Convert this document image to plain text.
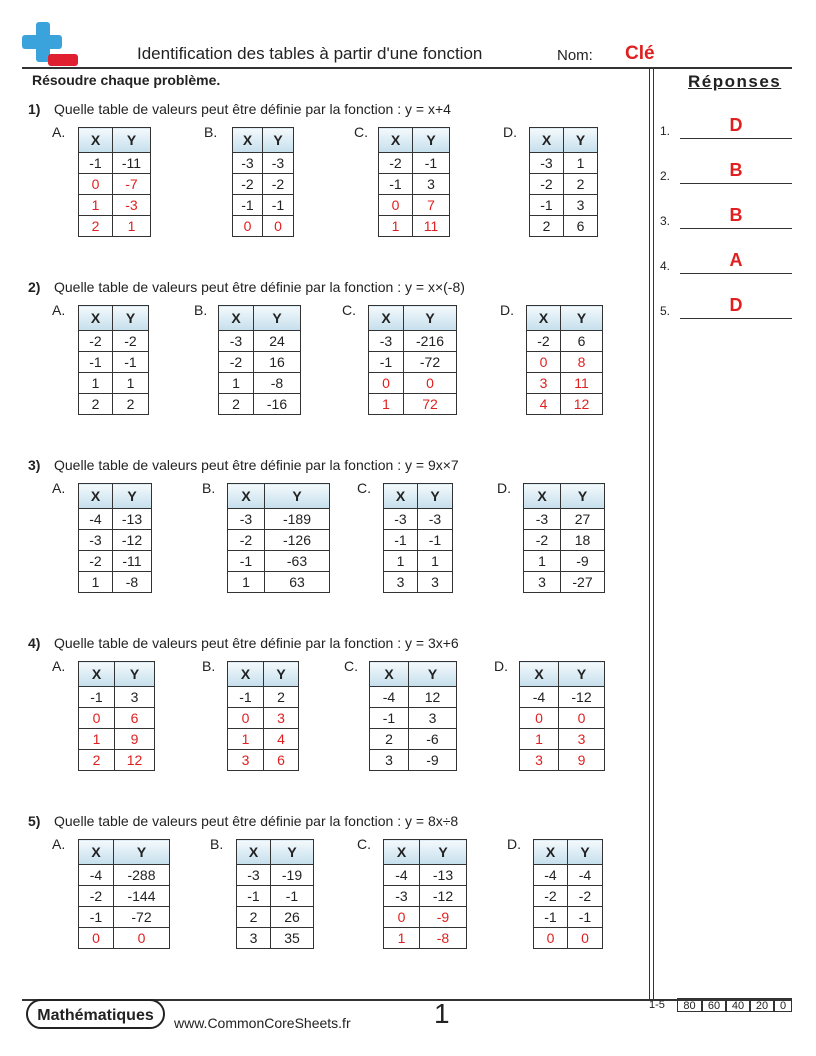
Identification des tables à partir d'une fonction	Nom: Clé
Résoudre chaque problème.	Réponses
1.	D
2.	B
3.	B
4.	A
5.	D
1) Quelle table de valeurs peut être définie par la fonction : y = x+4
A. X	Y
-1	-11
0	-7
1	-3
2	1
B. X	Y
-3	-3
-2	-2
-1	-1
0	0
C. X	Y
-2	-1
-1	3
0	7
1	11
D. X	Y
-3	1
-2	2
-1	3
2	6
2) Quelle table de valeurs peut être définie par la fonction : y = x×(-8)
A. X	Y
-2	-2
-1	-1
1	1
2	2
B. X	Y
-3	24
-2	16
1	-8
2	-16
C. X	Y
-3	-216
-1	-72
0	0
1	72
D. X	Y
-2	6
0	8
3	11
4	12
3) Quelle table de valeurs peut être définie par la fonction : y = 9x×7
A. X	Y
-4	-13
-3	-12
-2	-11
1	-8
B. X	Y
-3	-189
-2	-126
-1	-63
1	63
C. X	Y
-3	-3
-1	-1
1	1
3	3
D. X	Y
-3	27
-2	18
1	-9
3	-27
4) Quelle table de valeurs peut être définie par la fonction : y = 3x+6
A. X	Y
-1	3
0	6
1	9
2	12
B. X	Y
-1	2
0	3
1	4
3	6
C. X	Y
-4	12
-1	3
2	-6
3	-9
D. X	Y
-4	-12
0	0
1	3
3	9
5) Quelle table de valeurs peut être définie par la fonction : y = 8x÷8
A. X	Y
-4	-288
-2	-144
-1	-72
0	0
B. X	Y
-3	-19
-1	-1
2	26
3	35
C. X	Y
-4	-13
-3	-12
0	-9
1	-8
D. X	Y
-4	-4
-2	-2
-1	-1
0	0
Mathématiques	www.CommonCoreSheets.fr	1	1-5	80	60	40	20	0
